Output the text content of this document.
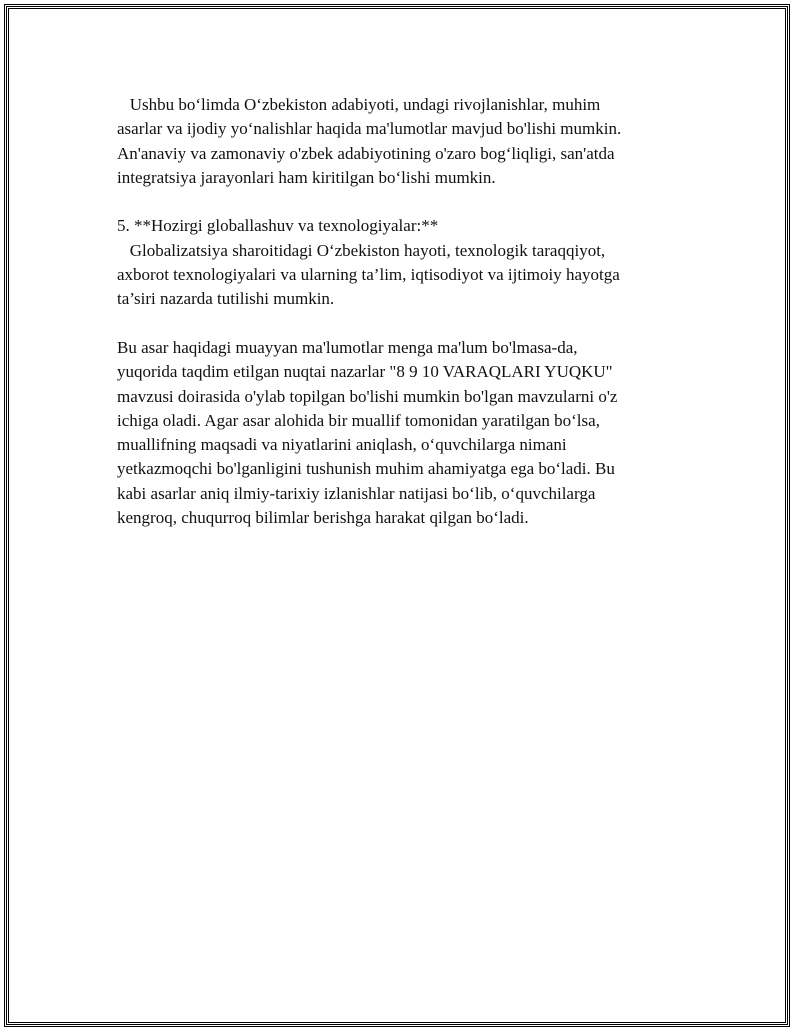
Ushbu bo‘limda O‘zbekiston adabiyoti, undagi rivojlanishlar, muhim
asarlar va ijodiy yo‘nalishlar haqida ma'lumotlar mavjud bo'lishi mumkin.
An'anaviy va zamonaviy o'zbek adabiyotining o'zaro bog‘liqligi, san'atda
integratsiya jarayonlari ham kiritilgan bo‘lishi mumkin.

5. **Hozirgi globallashuv va texnologiyalar:**

Globalizatsiya sharoitidagi O‘zbekiston hayoti, texnologik taraqqiyot,
axborot texnologiyalari va ularning ta’lim, iqtisodiyot va ijtimoiy hayotga
ta’siri nazarda tutilishi mumkin.

Bu asar haqidagi muayyan ma'lumotlar menga ma'lum bo'lmasa-da,
yuqorida taqdim etilgan nuqtai nazarlar "8 9 10 VARAQLARI YUQKU"
mavzusi doirasida o'ylab topilgan bo'lishi mumkin bo'lgan mavzularni o'z
ichiga oladi. Agar asar alohida bir muallif tomonidan yaratilgan bo‘lsa,
muallifning maqsadi va niyatlarini aniqlash, o‘quvchilarga nimani
yetkazmoqchi bo'lganligini tushunish muhim ahamiyatga ega bo‘ladi. Bu
kabi asarlar aniq ilmiy-tarixiy izlanishlar natijasi bo‘lib, o‘quvchilarga
kengroq, chuqurroq bilimlar berishga harakat qilgan bo‘ladi.
